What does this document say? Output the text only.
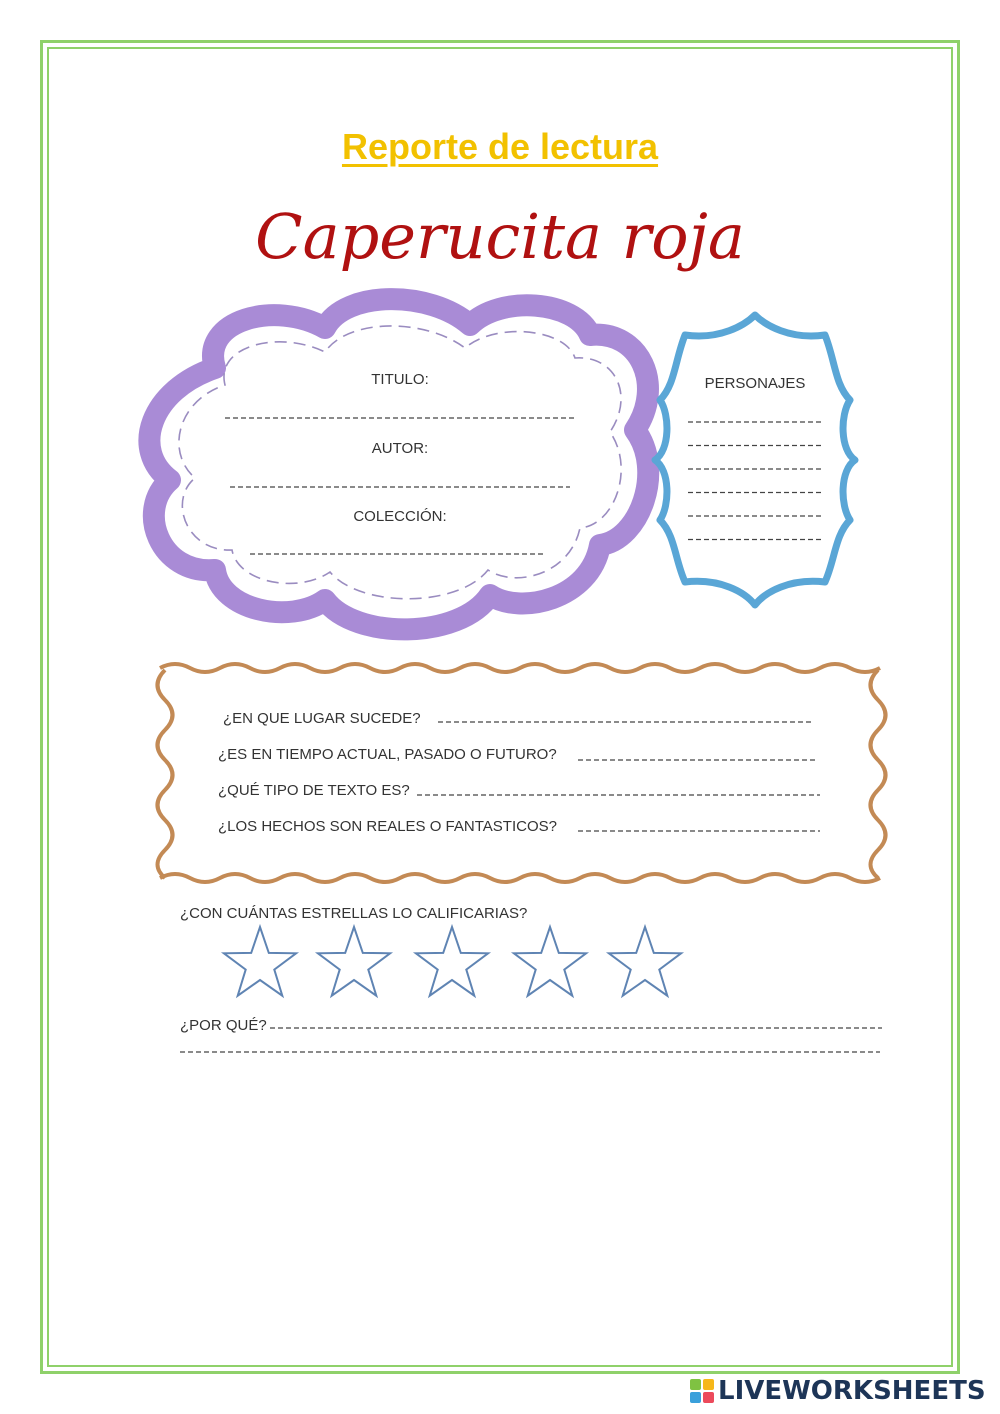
Reporte de lectura
Caperucita roja
TITULO:
AUTOR:
COLECCIÓN:
PERSONAJES
¿EN QUE LUGAR SUCEDE?
¿ES EN TIEMPO ACTUAL, PASADO O FUTURO?
¿QUÉ TIPO DE TEXTO ES?
¿LOS HECHOS SON REALES O FANTASTICOS?
¿CON CUÁNTAS ESTRELLAS LO CALIFICARIAS?
¿POR QUÉ?
LIVEWORKSHEETS
